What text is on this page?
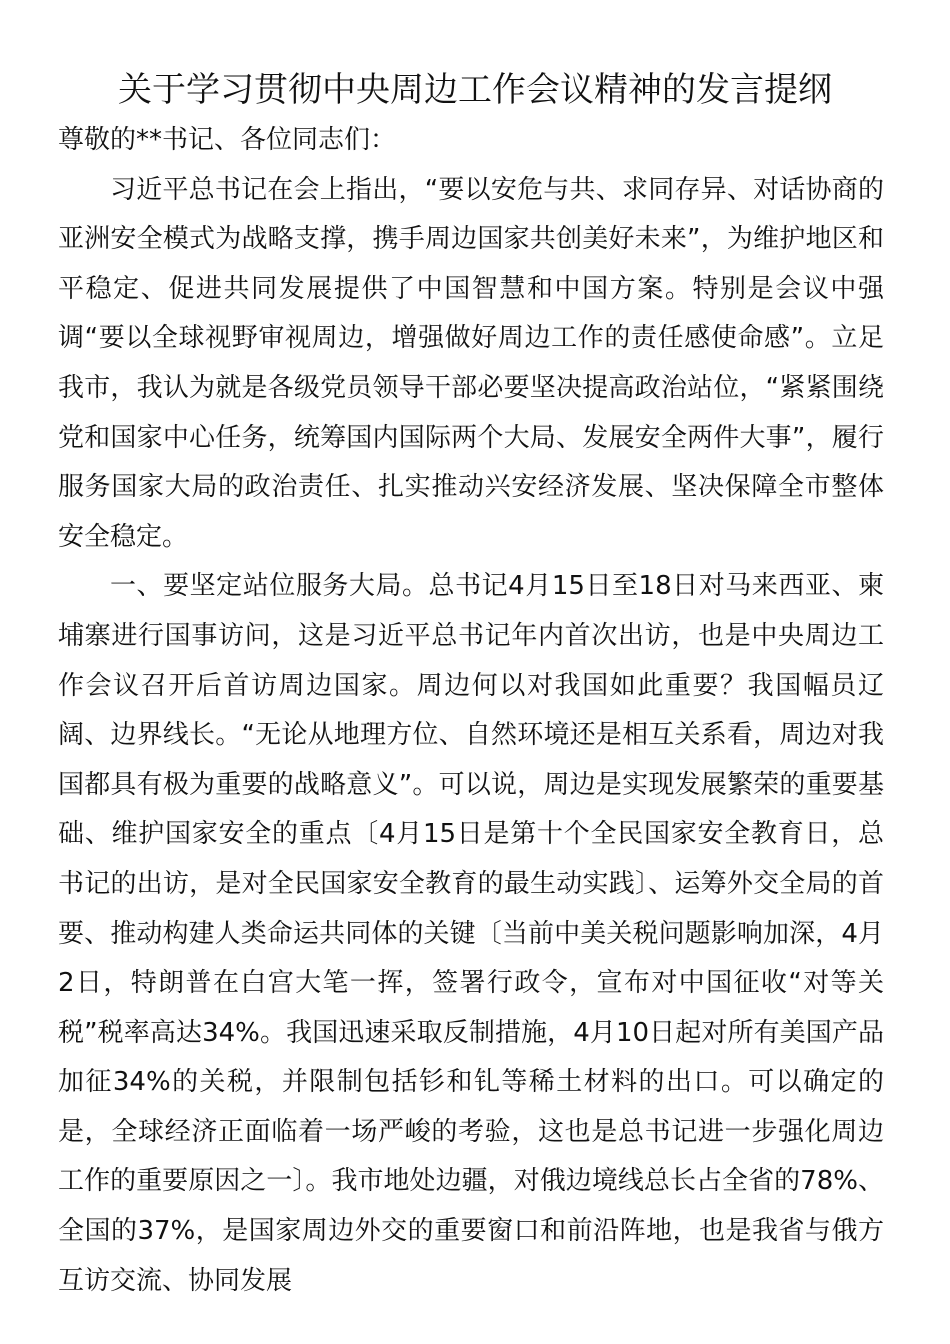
关于学习贯彻中央周边工作会议精神的发言提纲

尊敬的**书记、各位同志们：

习近平总书记在会上指出，“要以安危与共、求同存异、对话协商的亚洲安全模式为战略支撑，携手周边国家共创美好未来”，为维护地区和平稳定、促进共同发展提供了中国智慧和中国方案。特别是会议中强调“要以全球视野审视周边，增强做好周边工作的责任感使命感”。立足我市，我认为就是各级党员领导干部必要坚决提高政治站位，“紧紧围绕党和国家中心任务，统筹国内国际两个大局、发展安全两件大事”，履行服务国家大局的政治责任、扎实推动兴安经济发展、坚决保障全市整体安全稳定。

一、要坚定站位服务大局。总书记4月15日至18日对马来西亚、柬埔寨进行国事访问，这是习近平总书记年内首次出访，也是中央周边工作会议召开后首访周边国家。周边何以对我国如此重要？我国幅员辽阔、边界线长。“无论从地理方位、自然环境还是相互关系看，周边对我国都具有极为重要的战略意义”。可以说，周边是实现发展繁荣的重要基础、维护国家安全的重点〔4月15日是第十个全民国家安全教育日，总书记的出访，是对全民国家安全教育的最生动实践〕、运筹外交全局的首要、推动构建人类命运共同体的关键〔当前中美关税问题影响加深，4月2日，特朗普在白宫大笔一挥，签署行政令，宣布对中国征收“对等关税”税率高达34%。我国迅速采取反制措施，4月10日起对所有美国产品加征34%的关税，并限制包括钐和钆等稀土材料的出口。可以确定的是，全球经济正面临着一场严峻的考验，这也是总书记进一步强化周边工作的重要原因之一〕。我市地处边疆，对俄边境线总长占全省的78%、全国的37%，是国家周边外交的重要窗口和前沿阵地，也是我省与俄方互访交流、协同发展
